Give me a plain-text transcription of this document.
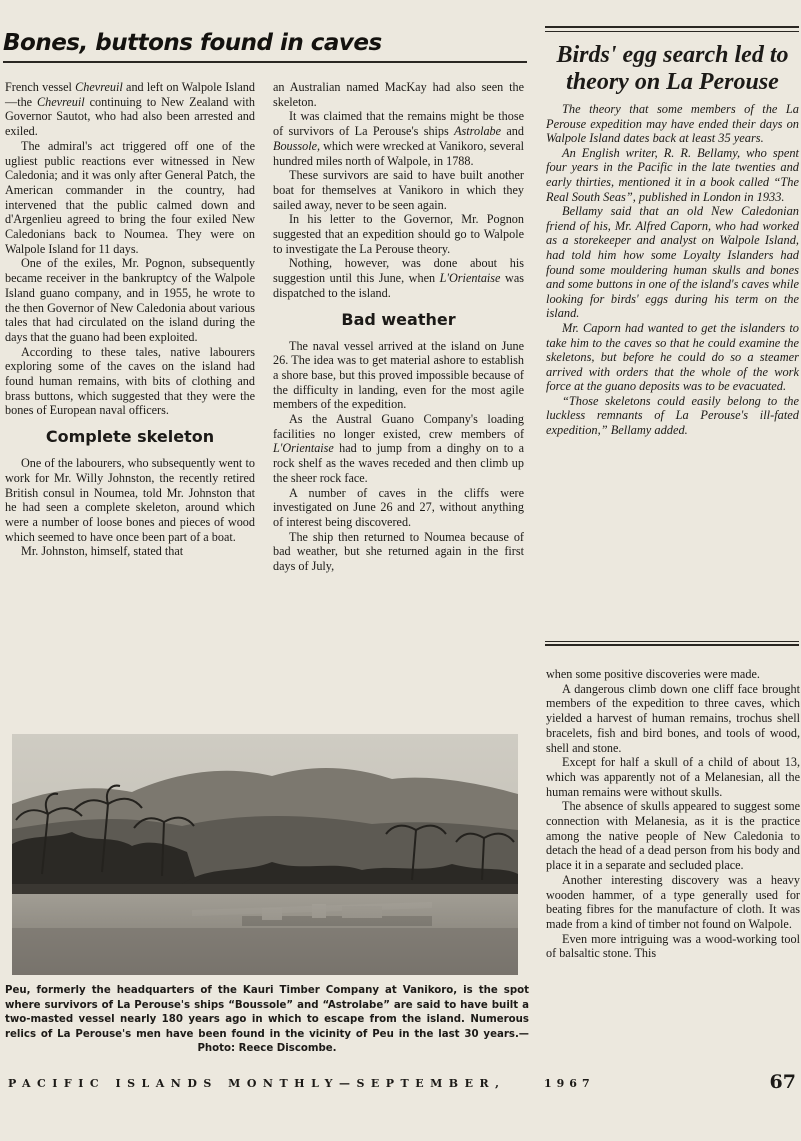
Bones, buttons found in caves

French vessel Chevreuil and left on Walpole Island—the Chevreuil continuing to New Zealand with Governor Sautot, who had also been arrested and exiled.

The admiral's act triggered off one of the ugliest public reactions ever witnessed in New Caledonia; and it was only after General Patch, the American commander in the country, had intervened that the public calmed down and d'Argenlieu agreed to bring the four exiled New Caledonians back to Noumea. They were on Walpole Island for 11 days.

One of the exiles, Mr. Pognon, subsequently became receiver in the bankruptcy of the Walpole Island guano company, and in 1955, he wrote to the then Governor of New Caledonia about various tales that had circulated on the island during the days that the guano had been exploited.

According to these tales, native labourers exploring some of the caves on the island had found human remains, with bits of clothing and brass buttons, which suggested that they were the bones of European naval officers.

Complete skeleton

One of the labourers, who subsequently went to work for Mr. Willy Johnston, the recently retired British consul in Noumea, told Mr. Johnston that he had seen a complete skeleton, around which were a number of loose bones and pieces of wood which seemed to have once been part of a boat.

Mr. Johnston, himself, stated that

an Australian named MacKay had also seen the skeleton.

It was claimed that the remains might be those of survivors of La Perouse's ships Astrolabe and Boussole, which were wrecked at Vanikoro, several hundred miles north of Walpole, in 1788.

These survivors are said to have built another boat for themselves at Vanikoro in which they sailed away, never to be seen again.

In his letter to the Governor, Mr. Pognon suggested that an expedition should go to Walpole to investigate the La Perouse theory.

Nothing, however, was done about his suggestion until this June, when L'Orientaise was dispatched to the island.

Bad weather

The naval vessel arrived at the island on June 26. The idea was to get material ashore to establish a shore base, but this proved impossible because of the difficulty in landing, even for the most agile members of the expedition.

As the Austral Guano Company's loading facilities no longer existed, crew members of L'Orientaise had to jump from a dinghy on to a rock shelf as the waves receded and then climb up the sheer rock face.

A number of caves in the cliffs were investigated on June 26 and 27, without anything of interest being discovered.

The ship then returned to Noumea because of bad weather, but she returned again in the first days of July,

Birds' egg search led to theory on La Perouse

The theory that some members of the La Perouse expedition may have ended their days on Walpole Island dates back at least 35 years.

An English writer, R. R. Bellamy, who spent four years in the Pacific in the late twenties and early thirties, mentioned it in a book called “The Real South Seas”, published in London in 1933.

Bellamy said that an old New Caledonian friend of his, Mr. Alfred Caporn, who had worked as a storekeeper and analyst on Walpole Island, had told him how some Loyalty Islanders had found some mouldering human skulls and bones and some buttons in one of the island's caves while looking for birds' eggs during his term on the island.

Mr. Caporn had wanted to get the islanders to take him to the caves so that he could examine the skeletons, but before he could do so a steamer arrived with orders that the whole of the work force at the guano deposits was to be evacuated.

“Those skeletons could easily belong to the luckless remnants of La Perouse's ill-fated expedition,” Bellamy added.

when some positive discoveries were made.

A dangerous climb down one cliff face brought members of the expedition to three caves, which yielded a harvest of human remains, trochus shell bracelets, fish and bird bones, and tools of wood, shell and stone.

Except for half a skull of a child of about 13, which was apparently not of a Melanesian, all the human remains were without skulls.

The absence of skulls appeared to suggest some connection with Melanesia, as it is the practice among the native people of New Caledonia to detach the head of a dead person from his body and place it in a separate and secluded place.

Another interesting discovery was a heavy wooden hammer, of a type generally used for beating fibres for the manufacture of cloth. It was made from a kind of timber not found on Walpole.

Even more intriguing was a wood-working tool of balsaltic stone. This

Peu, formerly the headquarters of the Kauri Timber Company at Vanikoro, is the spot where survivors of La Perouse's ships “Boussole” and “Astrolabe” are said to have built a two-masted vessel nearly 180 years ago in which to escape from the island. Numerous relics of La Perouse's men have been found in the vicinity of Peu in the last 30 years.—Photo: Reece Discombe.
PACIFIC ISLANDS MONTHLY—SEPTEMBER,	1967	67
